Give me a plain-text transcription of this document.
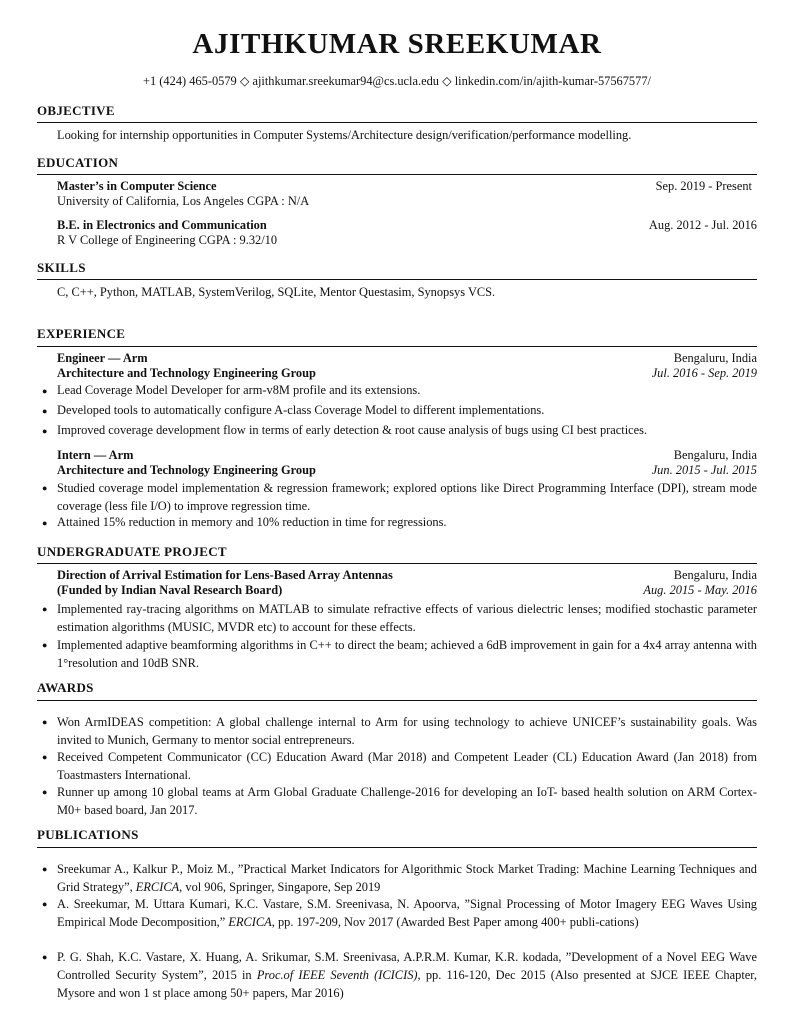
AJITHKUMAR SREEKUMAR
+1 (424) 465-0579 ◇ ajithkumar.sreekumar94@cs.ucla.edu ◇ linkedin.com/in/ajith-kumar-57567577/
OBJECTIVE
Looking for internship opportunities in Computer Systems/Architecture design/verification/performance modelling.
EDUCATION
Master’s in Computer Science	Sep. 2019 - Present
University of California, Los Angeles CGPA : N/A
B.E. in Electronics and Communication	Aug. 2012 - Jul. 2016
R V College of Engineering CGPA : 9.32/10
SKILLS
C, C++, Python, MATLAB, SystemVerilog, SQLite, Mentor Questasim, Synopsys VCS.
EXPERIENCE
Engineer — Arm	Bengaluru, India
Architecture and Technology Engineering Group	Jul. 2016 - Sep. 2019
● Lead Coverage Model Developer for arm-v8M profile and its extensions.
● Developed tools to automatically configure A-class Coverage Model to different implementations.
● Improved coverage development flow in terms of early detection & root cause analysis of bugs using CI best practices.
Intern — Arm	Bengaluru, India
Architecture and Technology Engineering Group	Jun. 2015 - Jul. 2015
● Studied coverage model implementation & regression framework; explored options like Direct Programming Interface (DPI), stream mode coverage (less file I/O) to improve regression time.
● Attained 15% reduction in memory and 10% reduction in time for regressions.
UNDERGRADUATE PROJECT
Direction of Arrival Estimation for Lens-Based Array Antennas	Bengaluru, India
(Funded by Indian Naval Research Board)	Aug. 2015 - May. 2016
● Implemented ray-tracing algorithms on MATLAB to simulate refractive effects of various dielectric lenses; modified stochastic parameter estimation algorithms (MUSIC, MVDR etc) to account for these effects.
● Implemented adaptive beamforming algorithms in C++ to direct the beam; achieved a 6dB improvement in gain for a 4x4 array antenna with 1°resolution and 10dB SNR.
AWARDS
● Won ArmIDEAS competition: A global challenge internal to Arm for using technology to achieve UNICEF’s sustainability goals. Was invited to Munich, Germany to mentor social entrepreneurs.
● Received Competent Communicator (CC) Education Award (Mar 2018) and Competent Leader (CL) Education Award (Jan 2018) from Toastmasters International.
● Runner up among 10 global teams at Arm Global Graduate Challenge-2016 for developing an IoT- based health solution on ARM Cortex-M0+ based board, Jan 2017.
PUBLICATIONS
● Sreekumar A., Kalkur P., Moiz M., ”Practical Market Indicators for Algorithmic Stock Market Trading: Machine Learning Techniques and Grid Strategy”, ERCICA, vol 906, Springer, Singapore, Sep 2019
● A. Sreekumar, M. Uttara Kumari, K.C. Vastare, S.M. Sreenivasa, N. Apoorva, ”Signal Processing of Motor Imagery EEG Waves Using Empirical Mode Decomposition,” ERCICA, pp. 197-209, Nov 2017 (Awarded Best Paper among 400+ publi-cations)
● P. G. Shah, K.C. Vastare, X. Huang, A. Srikumar, S.M. Sreenivasa, A.P.R.M. Kumar, K.R. kodada, ”Development of a Novel EEG Wave Controlled Security System”, 2015 in Proc.of IEEE Seventh (ICICIS), pp. 116-120, Dec 2015 (Also presented at SJCE IEEE Chapter, Mysore and won 1 st place among 50+ papers, Mar 2016)
